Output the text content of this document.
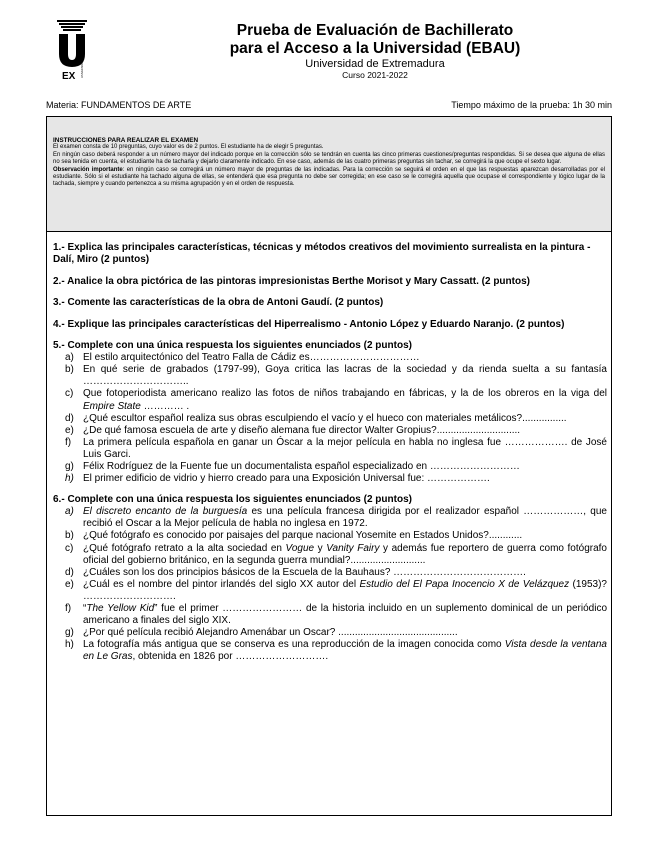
EX	UNIVERSIDAD DE EXTREMADURA
Prueba de Evaluación de Bachillerato
para el Acceso a la Universidad (EBAU)
Universidad de Extremadura
Curso 2021-2022
Materia: FUNDAMENTOS DE ARTE	Tiempo máximo de la prueba: 1h 30 min
INSTRUCCIONES PARA REALIZAR EL EXAMEN
El examen consta de 10 preguntas, cuyo valor es de 2 puntos. El estudiante ha de elegir 5 preguntas.
En ningún caso deberá responder a un número mayor del indicado porque en la corrección sólo se tendrán en cuenta las cinco primeras cuestiones/preguntas respondidas. Si se desea que alguna de ellas no sea tenida en cuenta, el estudiante ha de tacharla y dejarlo claramente indicado. En ese caso, además de las cuatro primeras preguntas sin tachar, se corregirá la que ocupe el sexto lugar.
Observación importante: en ningún caso se corregirá un número mayor de preguntas de las indicadas. Para la corrección se seguirá el orden en el que las respuestas aparezcan desarrolladas por el estudiante. Sólo si el estudiante ha tachado alguna de ellas, se entenderá que esa pregunta no debe ser corregida; en ese caso se le corregirá aquella que ocupase el correspondiente y lógico lugar de la tachada, siempre y cuando pertenezca a su misma agrupación y en el orden de respuesta.
1.- Explica las principales características, técnicas y métodos creativos del movimiento surrealista en la pintura - Dalí, Miro (2 puntos)
2.- Analice la obra pictórica de las pintoras impresionistas Berthe Morisot y Mary Cassatt. (2 puntos)
3.- Comente las características de la obra de Antoni Gaudí. (2 puntos)
4.- Explique las principales características del Hiperrealismo - Antonio López y Eduardo Naranjo. (2 puntos)
5.- Complete con una única respuesta los siguientes enunciados (2 puntos)
a) El estilo arquitectónico del Teatro Falla de Cádiz es……………………………
b) En qué serie de grabados (1797-99), Goya critica las lacras de la sociedad y da rienda suelta a su fantasía …………………………..
c) Que fotoperiodista americano realizo las fotos de niños trabajando en fábricas, y la de los obreros en la viga del Empire State ………… .
d) ¿Qué escultor español realiza sus obras esculpiendo el vacío y el hueco con materiales metálicos?................
e) ¿De qué famosa escuela de arte y diseño alemana fue director Walter Gropius?..............................
f)	La primera película española en ganar un Óscar a la mejor película en habla no inglesa fue ………………. de José Luis Garci.
g) Félix Rodríguez de la Fuente fue un documentalista español especializado en ………………………
h) El primer edificio de vidrio y hierro creado para una Exposición Universal fue: ……………….
6.- Complete con una única respuesta los siguientes enunciados (2 puntos)
a) El discreto encanto de la burguesía es una película francesa dirigida por el realizador español ………………, que recibió el Oscar a la Mejor película de habla no inglesa en 1972.
b) ¿Qué fotógrafo es conocido por paisajes del parque nacional Yosemite en Estados Unidos?............
c) ¿Qué fotógrafo retrato a la alta sociedad en Vogue y Vanity Fairy y además fue reportero de guerra como fotógrafo oficial del gobierno británico, en la segunda guerra mundial?...........................
d) ¿Cuáles son los dos principios básicos de la Escuela de la Bauhaus? ………………………………….
e) ¿Cuál es el nombre del pintor irlandés del siglo XX autor del Estudio del El Papa Inocencio X de Velázquez (1953)? ……………………….
f)	“The Yellow Kid” fue el primer …………………… de la historia incluido en un suplemento dominical de un periódico americano a finales del siglo XIX.
g) ¿Por qué película recibió Alejandro Amenábar un Oscar? ...........................................
h) La fotografía más antigua que se conserva es una reproducción de la imagen conocida como Vista desde la ventana en Le Gras, obtenida en 1826 por ……………………….
